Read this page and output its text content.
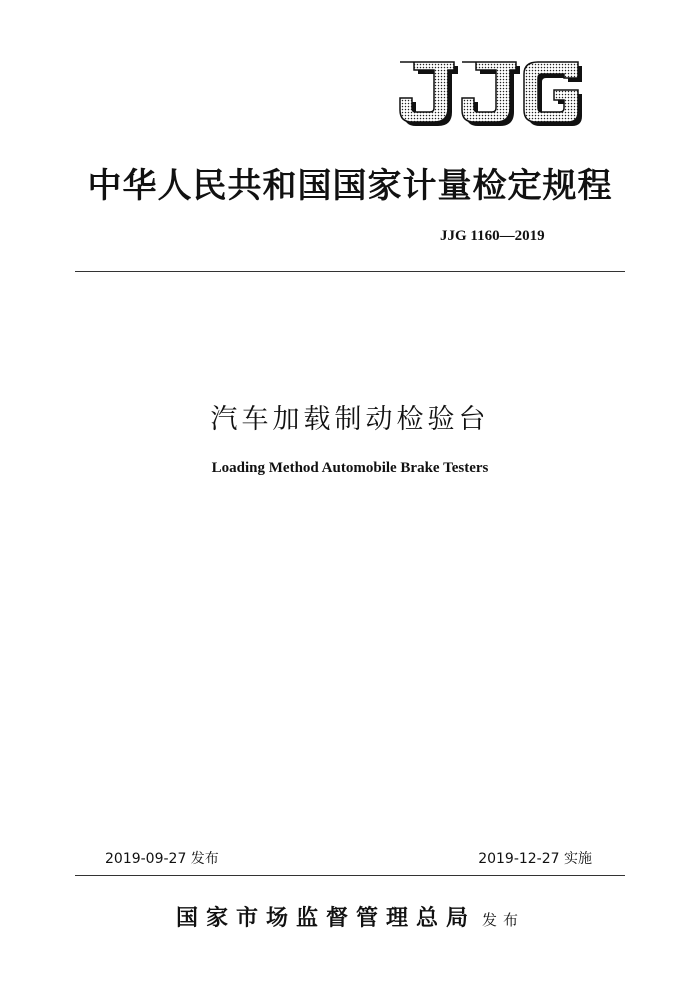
中华人民共和国国家计量检定规程
JJG 1160—2019
汽车加载制动检验台
Loading Method Automobile Brake Testers
2019-09-27 发布	2019-12-27 实施
国家市场监督管理总局 发布
